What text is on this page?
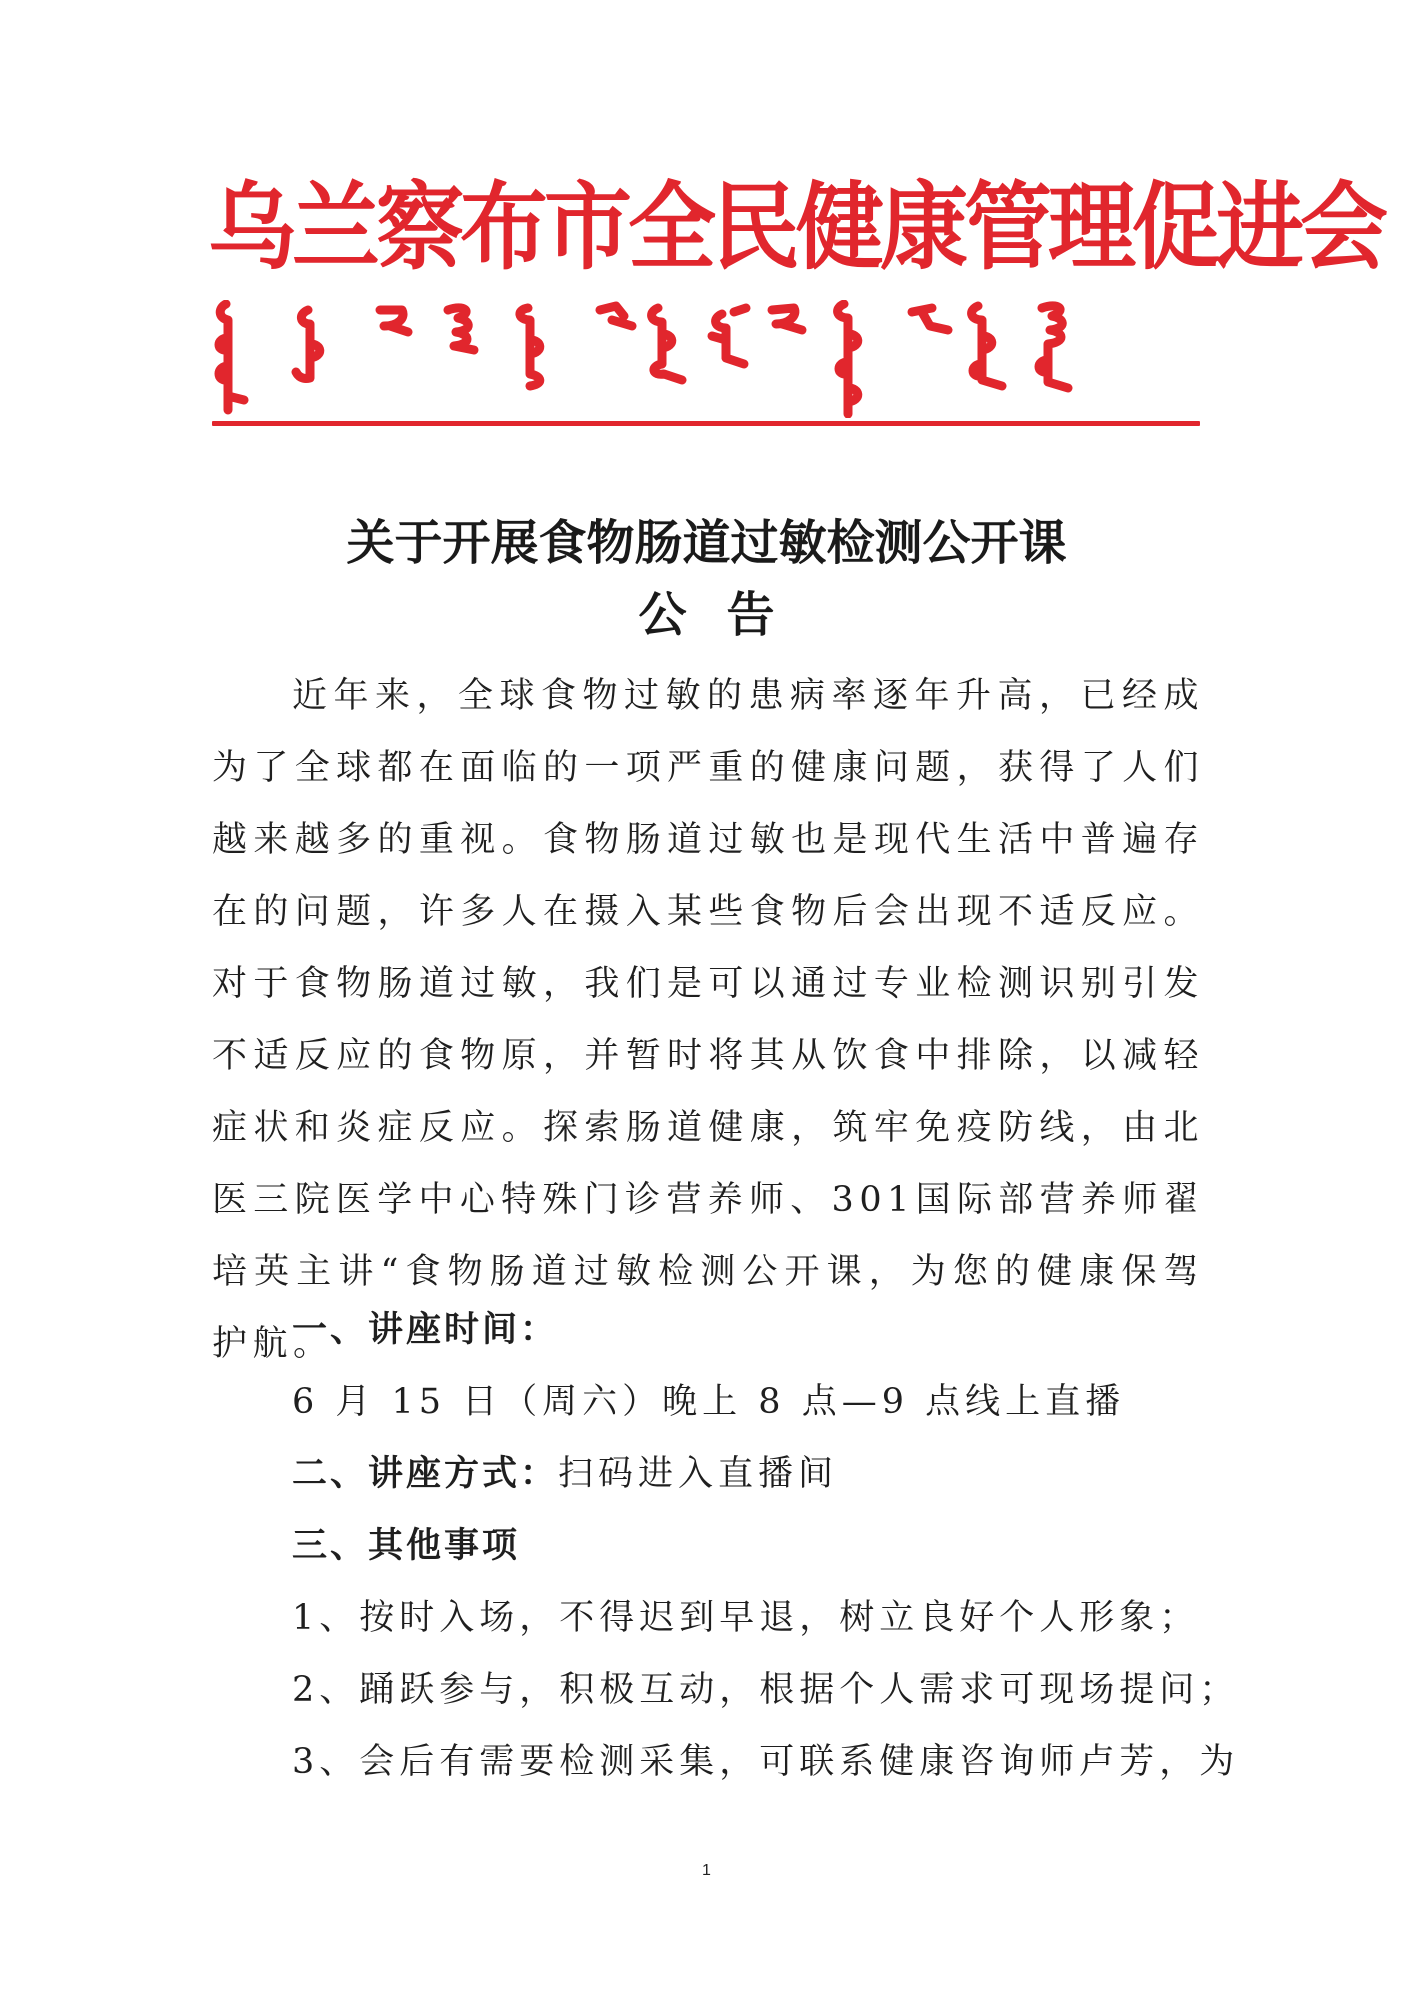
乌兰察布市全民健康管理促进会
关于开展食物肠道过敏检测公开课
公告
近年来，全球食物过敏的患病率逐年升高，已经成为了全球都在面临的一项严重的健康问题，获得了人们越来越多的重视。食物肠道过敏也是现代生活中普遍存在的问题，许多人在摄入某些食物后会出现不适反应。对于食物肠道过敏，我们是可以通过专业检测识别引发不适反应的食物原，并暂时将其从饮食中排除，以减轻症状和炎症反应。探索肠道健康，筑牢免疫防线，由北医三院医学中心特殊门诊营养师、301国际部营养师翟培英主讲“食物肠道过敏检测公开课，为您的健康保驾护航。
一、讲座时间：
6 月 15 日（周六）晚上 8 点—9 点线上直播
二、讲座方式：扫码进入直播间
三、其他事项
1、按时入场，不得迟到早退，树立良好个人形象；
2、踊跃参与，积极互动，根据个人需求可现场提问；
3、会后有需要检测采集，可联系健康咨询师卢芳，为
1
